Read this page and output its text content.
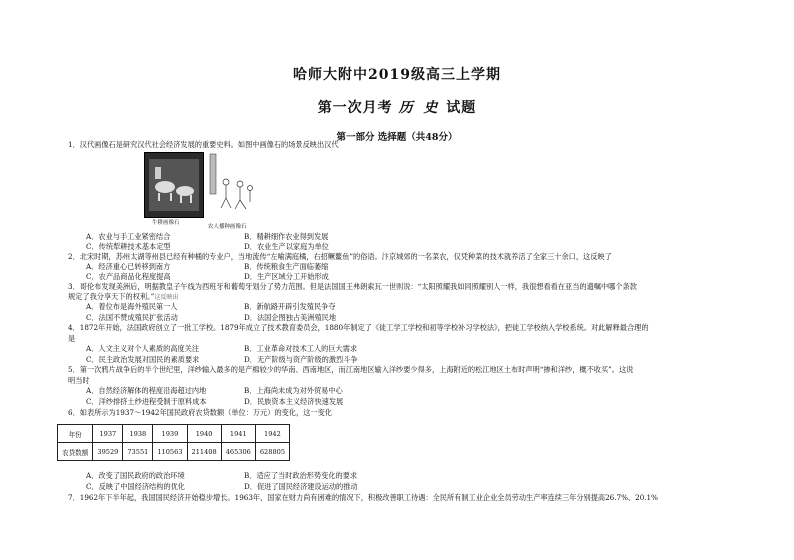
哈师大附中2019级高三上学期
第一次月考 历 史 试题
第一部分 选择题（共48分）
1．汉代画像石是研究汉代社会经济发展的重要史料。如图中画像石的场景反映出汉代
牛耕画像石
农人播种画像石
A．农业与手工业紧密结合	B．精耕细作农业得到发展
C．传统犁耕技术基本定型	D．农业生产以家庭为单位
2．北宋时期，苏州太湖等州县已经有种桶的专业户，当地流传“左喻满庭橘，右招鳜鳌鱼”的俗语。汴京城郊的一名菜农，仅凭种菜的技术就养活了全家三十余口，这反映了
A．经济重心已转移到南方	B．传统粮食生产面临萎缩
C．农产品商品化程度提高	D．生产区域分工开始形成
3．哥伦布发现美洲后，明据教皇子午线为西班牙和葡萄牙划分了势力范围。但是法国国王弗朗索瓦一世则说：“太阳照耀我如同照耀别人一样，我很想看看在亚当的遗嘱中哪个条款
规定了我分享天下的权利。”这反映出
A．着位布是海外殖民第一人	B．新航路开辟引发殖民争夺
C．法国不赞成殖民扩张活动	D．法国企图独占美洲殖民地
4．1872年开始，法国政府创立了一批工学校。1879年成立了技术教育委员会，1880年制定了《徒工学工学校和初等学校补习学校法》，把徒工学校纳入学校系统。对此解释最合理的
是
A．人文主义对个人素质的高度关注	B．工业革命对技术工人的巨大需求
C．民主政治发展对国民的素质要求	D．无产阶级与资产阶级的激烈斗争
5．第一次鸦片战争后的半个世纪里，洋纱输入最多的是产棉较少的华南、西南地区，而江南地区输入洋纱要少得多，上海附近的松江地区土布时声明“掺和洋纱，概不收买”。这说
明当时
A．自然经济解体的程度沿海超过内地	B．上海尚未成为对外贸易中心
C．洋纱排挤土纱进程受制于原料成本	D．民族资本主义经济快速发展
6．如表所示为1937～1942年国民政府农贷数额（单位：万元）的变化，这一变化
年份	1937	1938	1939	1940	1941	1942
农贷数额	39529	73551	110563	211408	465306	628805
A．改变了国民政府的政治环境	B．适应了当时政治形势变化的要求
C．反映了中国经济结构的优化	D．促进了国民经济建设运动的推动
7．1962年下半年起，我国国民经济开始稳步增长。1963年，国家在财力尚有困难的情况下，积极改善职工待遇：全民所有制工业企业全员劳动生产率连续三年分别提高26.7%、20.1%
